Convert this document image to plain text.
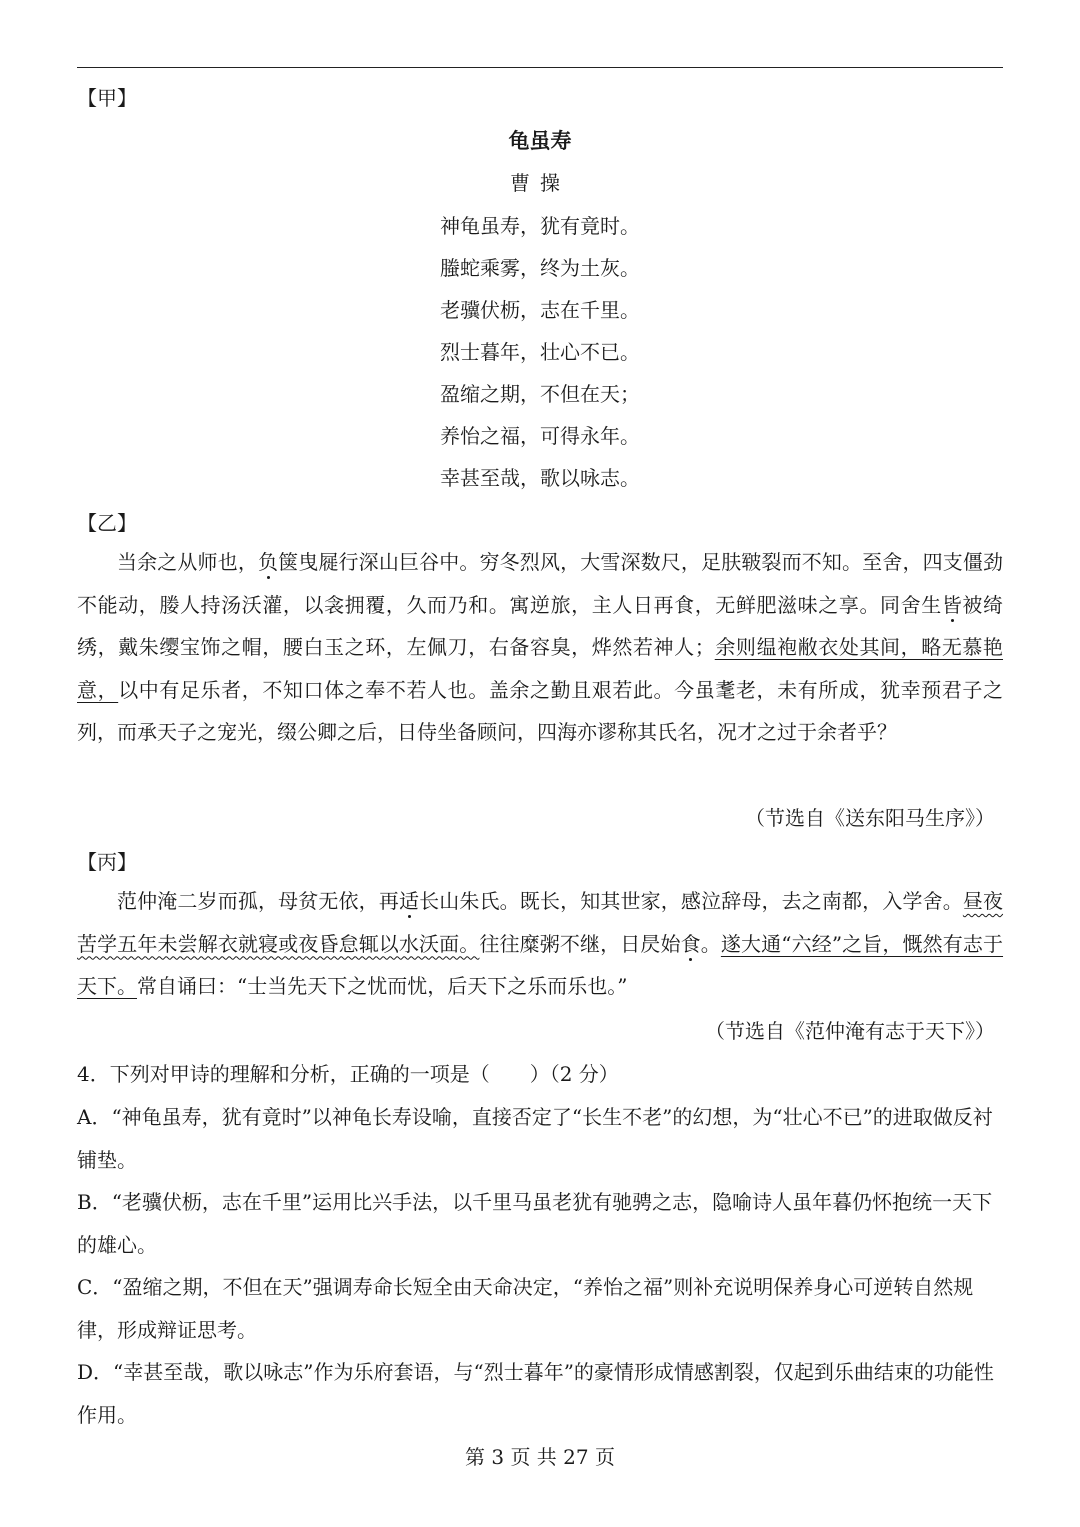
【甲】
龟虽寿
曹操
神龟虽寿，犹有竟时。
螣蛇乘雾，终为土灰。
老骥伏枥，志在千里。
烈士暮年，壮心不已。
盈缩之期，不但在天；
养怡之福，可得永年。
幸甚至哉，歌以咏志。
【乙】

当余之从师也，负箧曳屣行深山巨谷中。穷冬烈风，大雪深数尺，足肤皲裂而不知。至舍，四支僵劲不能动，媵人持汤沃灌，以衾拥覆，久而乃和。寓逆旅，主人日再食，无鲜肥滋味之享。同舍生皆被绮绣，戴朱缨宝饰之帽，腰白玉之环，左佩刀，右备容臭，烨然若神人；余则缊袍敝衣处其间，略无慕艳意，以中有足乐者，不知口体之奉不若人也。盖余之勤且艰若此。今虽耄老，未有所成，犹幸预君子之列，而承天子之宠光，缀公卿之后，日侍坐备顾问，四海亦谬称其氏名，况才之过于余者乎？

（节选自《送东阳马生序》）
【丙】

范仲淹二岁而孤，母贫无依，再适长山朱氏。既长，知其世家，感泣辞母，去之南都，入学舍。昼夜苦学五年未尝解衣就寝或夜昏怠辄以水沃面。往往糜粥不继，日昃始食。遂大通“六经”之旨，慨然有志于天下。常自诵曰：“士当先天下之忧而忧，后天下之乐而乐也。”

（节选自《范仲淹有志于天下》）
4．下列对甲诗的理解和分析，正确的一项是（　　）（2 分）

A．“神龟虽寿，犹有竟时”以神龟长寿设喻，直接否定了“长生不老”的幻想，为“壮心不已”的进取做反衬铺垫。

B．“老骥伏枥，志在千里”运用比兴手法，以千里马虽老犹有驰骋之志，隐喻诗人虽年暮仍怀抱统一天下的雄心。

C．“盈缩之期，不但在天”强调寿命长短全由天命决定，“养怡之福”则补充说明保养身心可逆转自然规律，形成辩证思考。

D．“幸甚至哉，歌以咏志”作为乐府套语，与“烈士暮年”的豪情形成情感割裂，仅起到乐曲结束的功能性作用。

第 3 页 共 27 页
